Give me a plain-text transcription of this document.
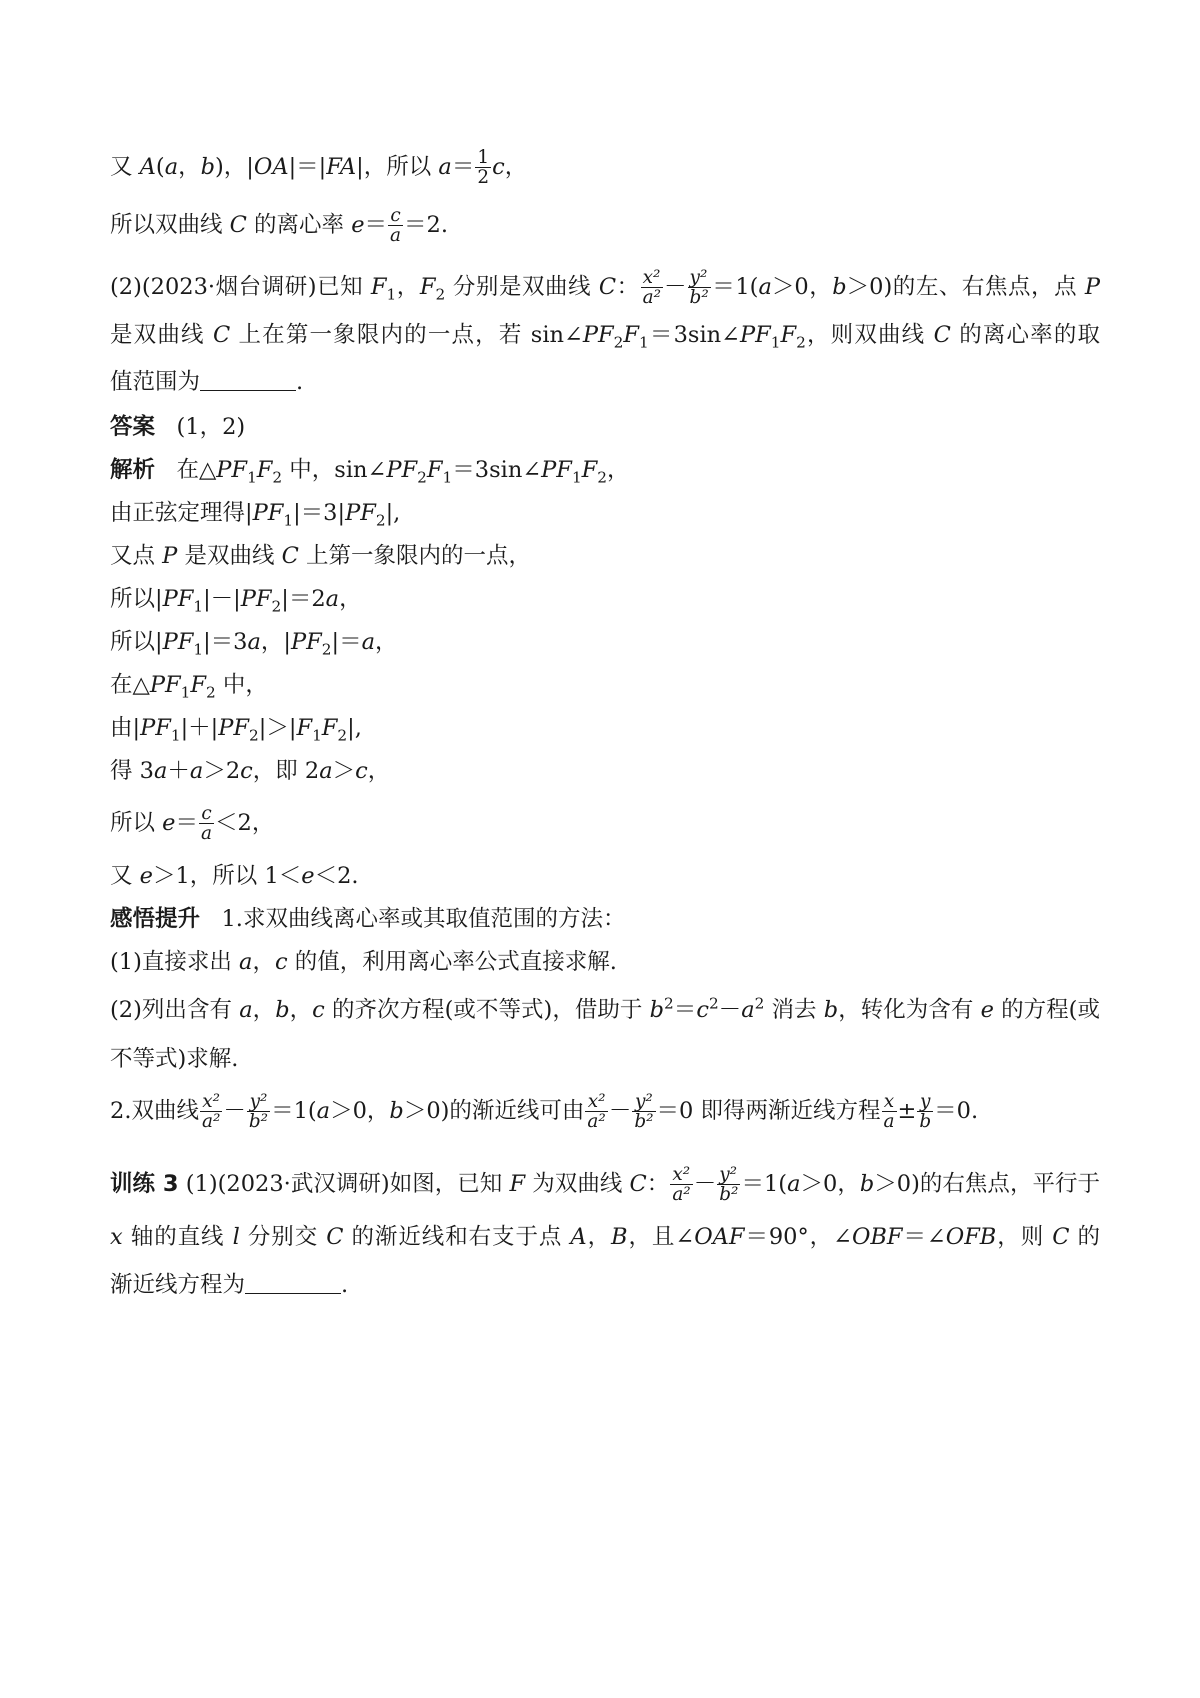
又 A(a，b)，|OA|＝|FA|，所以 $a= \frac{1}{2}$ c，
所以双曲线 C 的离心率 $e= \frac{c}{a} =2$.
(2)(2023·烟台调研)已知 $F_1$，$F_2$ 分别是双曲线 C： $\frac{\text{x²}}{\text{a²}} - \frac{\text{y²}}{\text{b²}} =1(a>0$，b＞0)的左、右焦点，点 P
是双曲线 C 上在第一象限内的一点，若 $\sin\angle PF_2F_1=3\sin\angle PF_1F_2$，则双曲线 C 的离心率的取
值范围为	.
答案 (1，2)
解析 在$\triangle PF_1F_2$ 中，$\sin\angle PF_2F_1=3\sin\angle PF_1F_2$，
由正弦定理得$|PF_1|=3|PF_2|$,
又点 P 是双曲线 C 上第一象限内的一点，
所以$|PF_1|-|PF_2|=2a$，
所以$|PF_1|=3a$，$|PF_2|=a$，
在$\triangle PF_1F_2$ 中，
由$|PF_1|+|PF_2|>|F_1F_2|$,
得 3a＋a＞2c，即 2a＞c，
所以 $e= \frac{c}{a} <2$，
又 e＞1，所以 1＜e＜2.
感悟提升 1.求双曲线离心率或其取值范围的方法：
(1)直接求出 a，c 的值，利用离心率公式直接求解.
(2)列出含有 a，b，c 的齐次方程(或不等式)，借助于 $b^2=c^2-a^2$ 消去 b，转化为含有 e 的方程(或
不等式)求解.
2.双曲线 $\frac{\text{x²}}{\text{a²}} - \frac{\text{y²}}{\text{b²}} =1(a>0$，b＞0)的渐近线可由 $\frac{\text{x²}}{\text{a²}} - \frac{\text{y²}}{\text{b²}} =0$ 即得两渐近线方程 $\frac{x}{a} \pm \frac{y}{b} =0$.
训练 3 (1)(2023·武汉调研)如图，已知 F 为双曲线 C： $\frac{\text{x²}}{\text{a²}} - \frac{\text{y²}}{\text{b²}} =1(a>0$，b＞0)的右焦点，平行于
x 轴的直线 l 分别交 C 的渐近线和右支于点 A，B，且∠OAF＝90°，∠OBF＝∠OFB，则 C 的
渐近线方程为	.
